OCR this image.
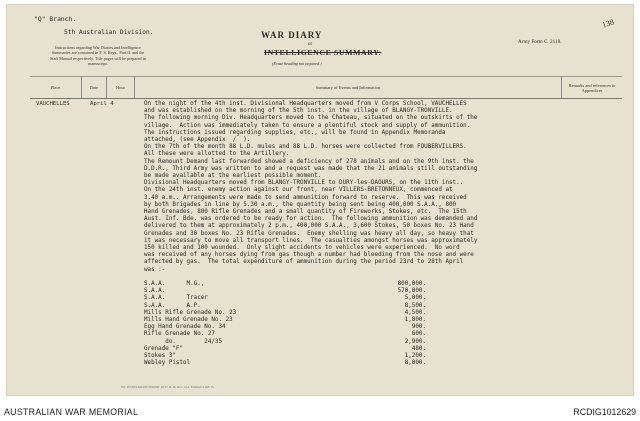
"Q" Branch.
5th Australian Division.
Instructions regarding War Diaries and Intelligence Summaries are contained in F. S. Regs., Part II. and the Staff Manual respectively. Title pages will be prepared in manuscript.
WAR DIARY
or
INTELLIGENCE SUMMARY.
(Erase heading not required.)
Army Form C. 2118.
138
Place	Date	Hour	Summary of Events and Information	Remarks and references to Appendices

VAUCHELLES	April 4	On the night of the 4th inst. Divisional Headquarters moved from V Corps School, VAUCHELLES
and was established on the morning of the 5th inst. in the village of BLANGY-TRONVILLE.
The following morning Div. Headquarters moved to the Chateau, situated on the outskirts of the
village.  Action was immediately taken to ensure a plentiful stock and supply of ammunition.
The instructions issued regarding supplies, etc., will be found in Appendix Memoranda
attached, (see Appendix  /  ).
On the 7th of the month 88 L.D. mules and 88 L.D. horses were collected from FOUBERVILLERS.
All these were allotted to the Artillery.
The Remount Demand last forwarded showed a deficiency of 278 animals and on the 9th inst. the
D.D.R., Third Army was written to and a request was made that the 21 animals still outstanding
be made available at the earliest possible moment.
Divisional Headquarters moved from BLANGY-TRONVILLE to DURY-les-DAOURS, on the 11th inst..
On the 24th inst. enemy action against our front, near VILLERS-BRETONNEUX, commenced at
3.40 a.m.. Arrangements were made to send ammunition forward to reserve.  This was received
by both Brigades in line by 5.30 a.m., the quantity being sent being 400,000 S.A.A., 800
Hand Grenades, 800 Rifle Grenades and a small quantity of Fireworks, Stokes, etc.  The 15th
Aust. Inf. Bde. was ordered to be ready for action.  The following ammunition was demanded and
delivered to them at approximately 2 p.m., 400,000 S.A.A., 3,600 Stokes, 50 boxes No. 23 Hand
Grenades and 30 boxes No. 23 Rifle Grenades.  Enemy shelling was heavy all day, so heavy that
it was necessary to move all transport lines.  The casualties amongst horses was approximately
150 killed and 100 wounded.  Only slight accidents to vehicles were experienced.  No word
was received of any horses dying from gas though a number had bleeding from the nose and were
affected by gas.  The total expenditure of ammunition during the period 23rd to 28th April
was :-
S.A.A.      M.G.,	800,000.
S.A.A.	570,000.
S.A.A.      Tracer	5,000.
S.A.A.      A.P.	8,500.
Mills Rifle Grenade No. 23	4,500.
Mills Hand Grenade No. 23	1,800.
Egg Hand Grenade No. 34	900.
Rifle Grenade No. 27	600.
do.        24/35	2,900.
Grenade "F"	480.
Stokes 3"	1,200.
Webley Pistol	8,000.
Wt. W5193/M1293 500,000 12/17 D. D. & L. Ltd. Forms/C2118/15.
AUSTRALIAN WAR MEMORIAL	RCDIG1012629
